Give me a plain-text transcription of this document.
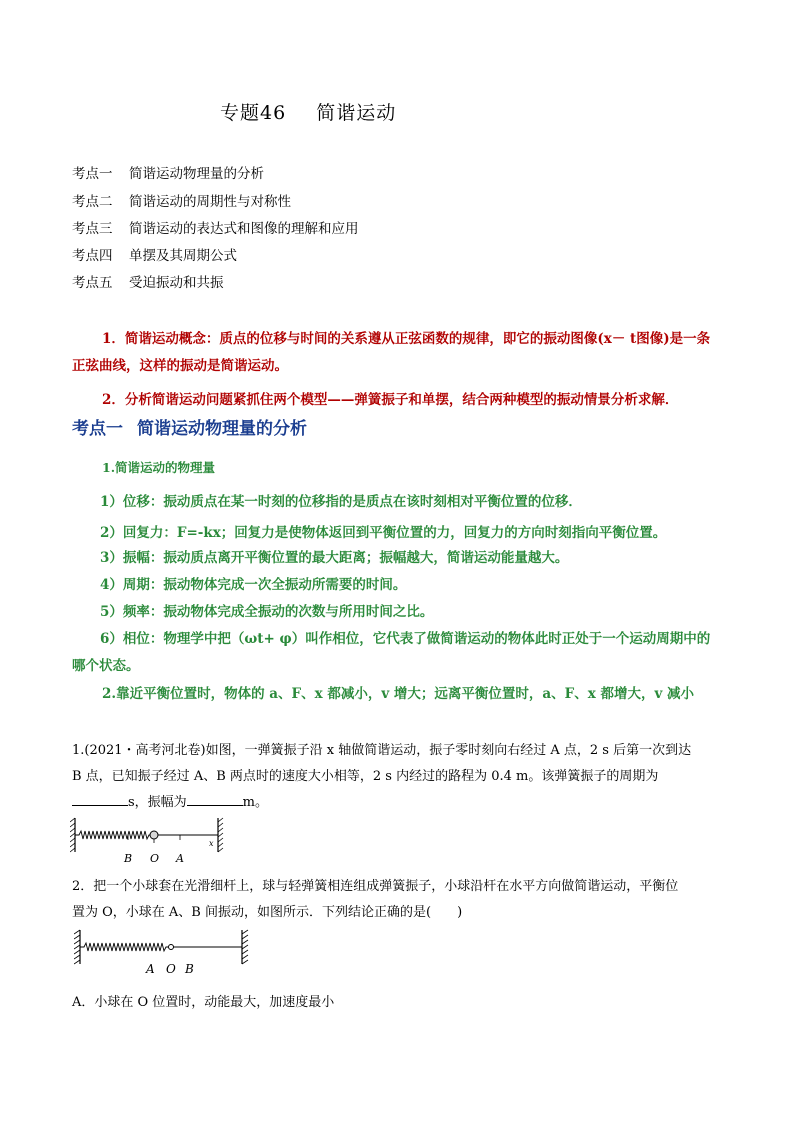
专题46 简谐运动
考点一 简谐运动物理量的分析
考点二 简谐运动的周期性与对称性
考点三 简谐运动的表达式和图像的理解和应用
考点四 单摆及其周期公式
考点五 受迫振动和共振
1．简谐运动概念：质点的位移与时间的关系遵从正弦函数的规律，即它的振动图像(x－ t图像)是一条
正弦曲线，这样的振动是简谐运动。
2．分析简谐运动问题紧抓住两个模型——弹簧振子和单摆，结合两种模型的振动情景分析求解．
考点一 简谐运动物理量的分析
1.简谐运动的物理量
1）位移：振动质点在某一时刻的位移指的是质点在该时刻相对平衡位置的位移．
2）回复力：F=-kx；回复力是使物体返回到平衡位置的力，回复力的方向时刻指向平衡位置。
3）振幅：振动质点离开平衡位置的最大距离；振幅越大，简谐运动能量越大。
4）周期：振动物体完成一次全振动所需要的时间。
5）频率：振动物体完成全振动的次数与所用时间之比。
6）相位：物理学中把（ωt+ φ）叫作相位，它代表了做简谐运动的物体此时正处于一个运动周期中的
哪个状态。
2.靠近平衡位置时，物体的 a、F、x 都减小，v 增大；远离平衡位置时，a、F、x 都增大，v 减小
1.(2021・高考河北卷)如图，一弹簧振子沿 x 轴做简谐运动，振子零时刻向右经过 A 点，2 s 后第一次到达
B 点，已知振子经过 A、B 两点时的速度大小相等，2 s 内经过的路程为 0.4 m。该弹簧振子的周期为
s，振幅为	m。
B O A
x
2．把一个小球套在光滑细杆上，球与轻弹簧相连组成弹簧振子，小球沿杆在水平方向做简谐运动，平衡位
置为 O，小球在 A、B 间振动，如图所示．下列结论正确的是(　　)
A O B
A．小球在 O 位置时，动能最大，加速度最小
